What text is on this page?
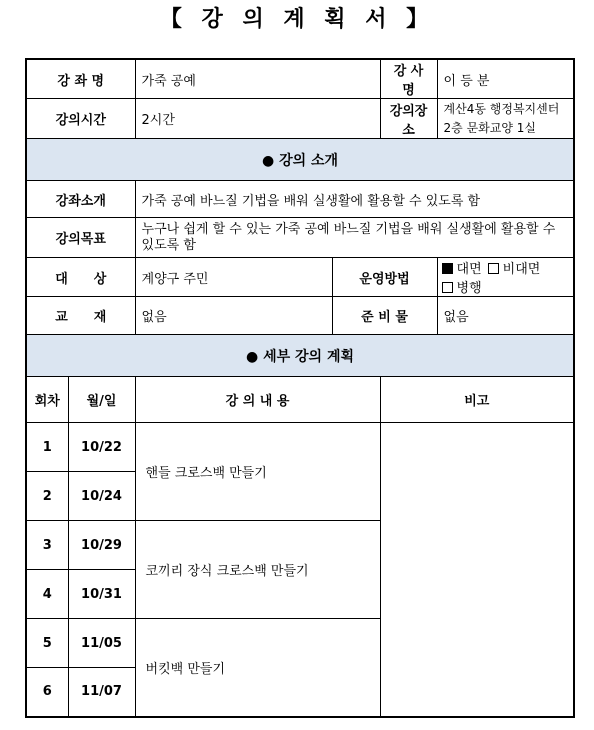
【 강 의 계 획 서 】
강 좌 명		가죽 공예		강 사 명	이 등 분
강의시간		2시간		강의장소	계산4동 행정복지센터
2층 문화교양 1실

● 강의 소개					
강좌소개		가죽 공예 바느질 기법을 배워 실생활에 활용할 수 있도록 함			
강의목표		누구나 쉽게 할 수 있는 가죽 공예 바느질 기법을 배워 실생활에 활용할 수 있도록 함			
대　　상		계양구 주민	운영방법		대면 비대면병행
교　　재		없음	준 비 물		없음
● 세부 강의 계획					
회차	월/일	강 의 내 용		비고	
1	10/22	핸들 크로스백 만들기			
2	10/24				
3	10/29	코끼리 장식 크로스백 만들기			
4	10/31				
5	11/05	버킷백 만들기			
6	11/07				
